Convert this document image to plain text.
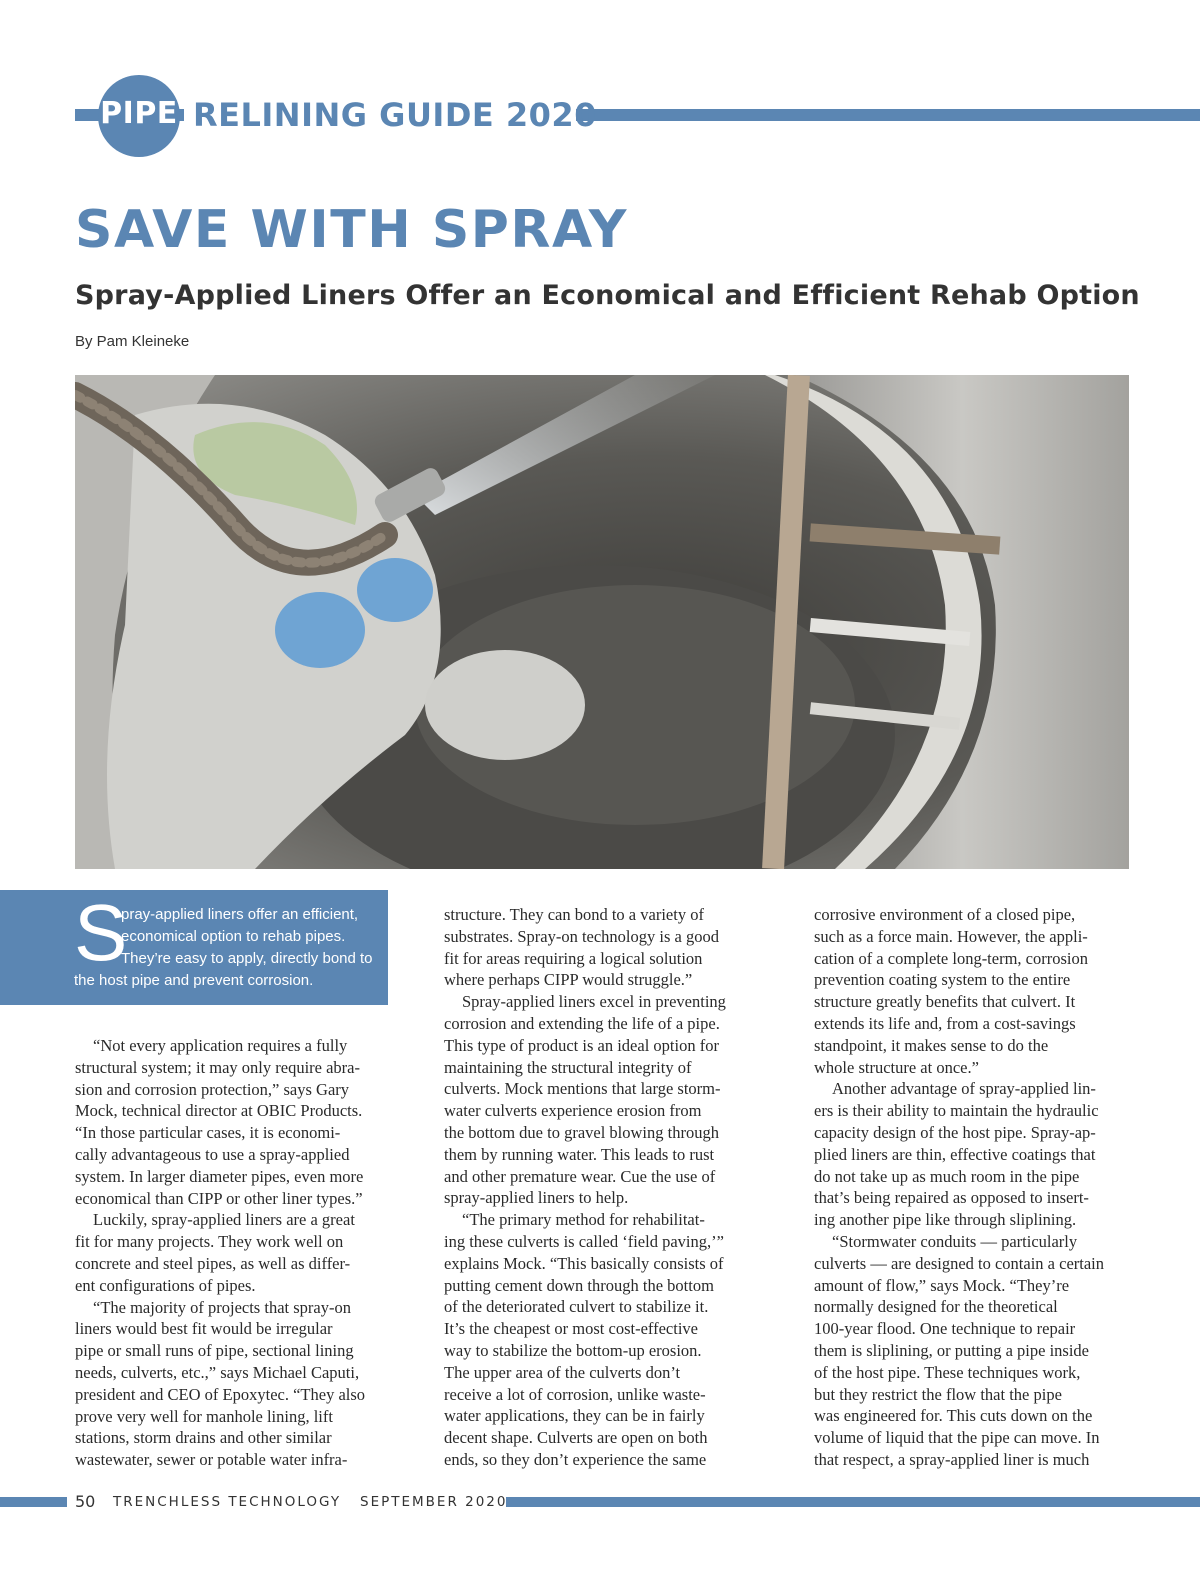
PIPE RELINING GUIDE 2020
SAVE WITH SPRAY
Spray-Applied Liners Offer an Economical and Efficient Rehab Option
By Pam Kleineke
S
pray-applied liners offer an efficient,
economical option to rehab pipes.
They’re easy to apply, directly bond to
the host pipe and prevent corrosion.
“Not every application requires a fully
structural system; it may only require abra-
sion and corrosion protection,” says Gary
Mock, technical director at OBIC Products.
“In those particular cases, it is economi-
cally advantageous to use a spray-applied
system. In larger diameter pipes, even more
economical than CIPP or other liner types.”
Luckily, spray-applied liners are a great
fit for many projects. They work well on
concrete and steel pipes, as well as differ-
ent configurations of pipes.
“The majority of projects that spray-on
liners would best fit would be irregular
pipe or small runs of pipe, sectional lining
needs, culverts, etc.,” says Michael Caputi,
president and CEO of Epoxytec. “They also
prove very well for manhole lining, lift
stations, storm drains and other similar
wastewater, sewer or potable water infra-
structure. They can bond to a variety of
substrates. Spray-on technology is a good
fit for areas requiring a logical solution
where perhaps CIPP would struggle.”
Spray-applied liners excel in preventing
corrosion and extending the life of a pipe.
This type of product is an ideal option for
maintaining the structural integrity of
culverts. Mock mentions that large storm-
water culverts experience erosion from
the bottom due to gravel blowing through
them by running water. This leads to rust
and other premature wear. Cue the use of
spray-applied liners to help.
“The primary method for rehabilitat-
ing these culverts is called ‘field paving,’”
explains Mock. “This basically consists of
putting cement down through the bottom
of the deteriorated culvert to stabilize it.
It’s the cheapest or most cost-effective
way to stabilize the bottom-up erosion.
The upper area of the culverts don’t
receive a lot of corrosion, unlike waste-
water applications, they can be in fairly
decent shape. Culverts are open on both
ends, so they don’t experience the same
corrosive environment of a closed pipe,
such as a force main. However, the appli-
cation of a complete long-term, corrosion
prevention coating system to the entire
structure greatly benefits that culvert. It
extends its life and, from a cost-savings
standpoint, it makes sense to do the
whole structure at once.”
Another advantage of spray-applied lin-
ers is their ability to maintain the hydraulic
capacity design of the host pipe. Spray-ap-
plied liners are thin, effective coatings that
do not take up as much room in the pipe
that’s being repaired as opposed to insert-
ing another pipe like through sliplining.
“Stormwater conduits — particularly
culverts — are designed to contain a certain
amount of flow,” says Mock. “They’re
normally designed for the theoretical
100-year flood. One technique to repair
them is sliplining, or putting a pipe inside
of the host pipe. These techniques work,
but they restrict the flow that the pipe
was engineered for. This cuts down on the
volume of liquid that the pipe can move. In
that respect, a spray-applied liner is much
50 TRENCHLESS TECHNOLOGY SEPTEMBER 2020
